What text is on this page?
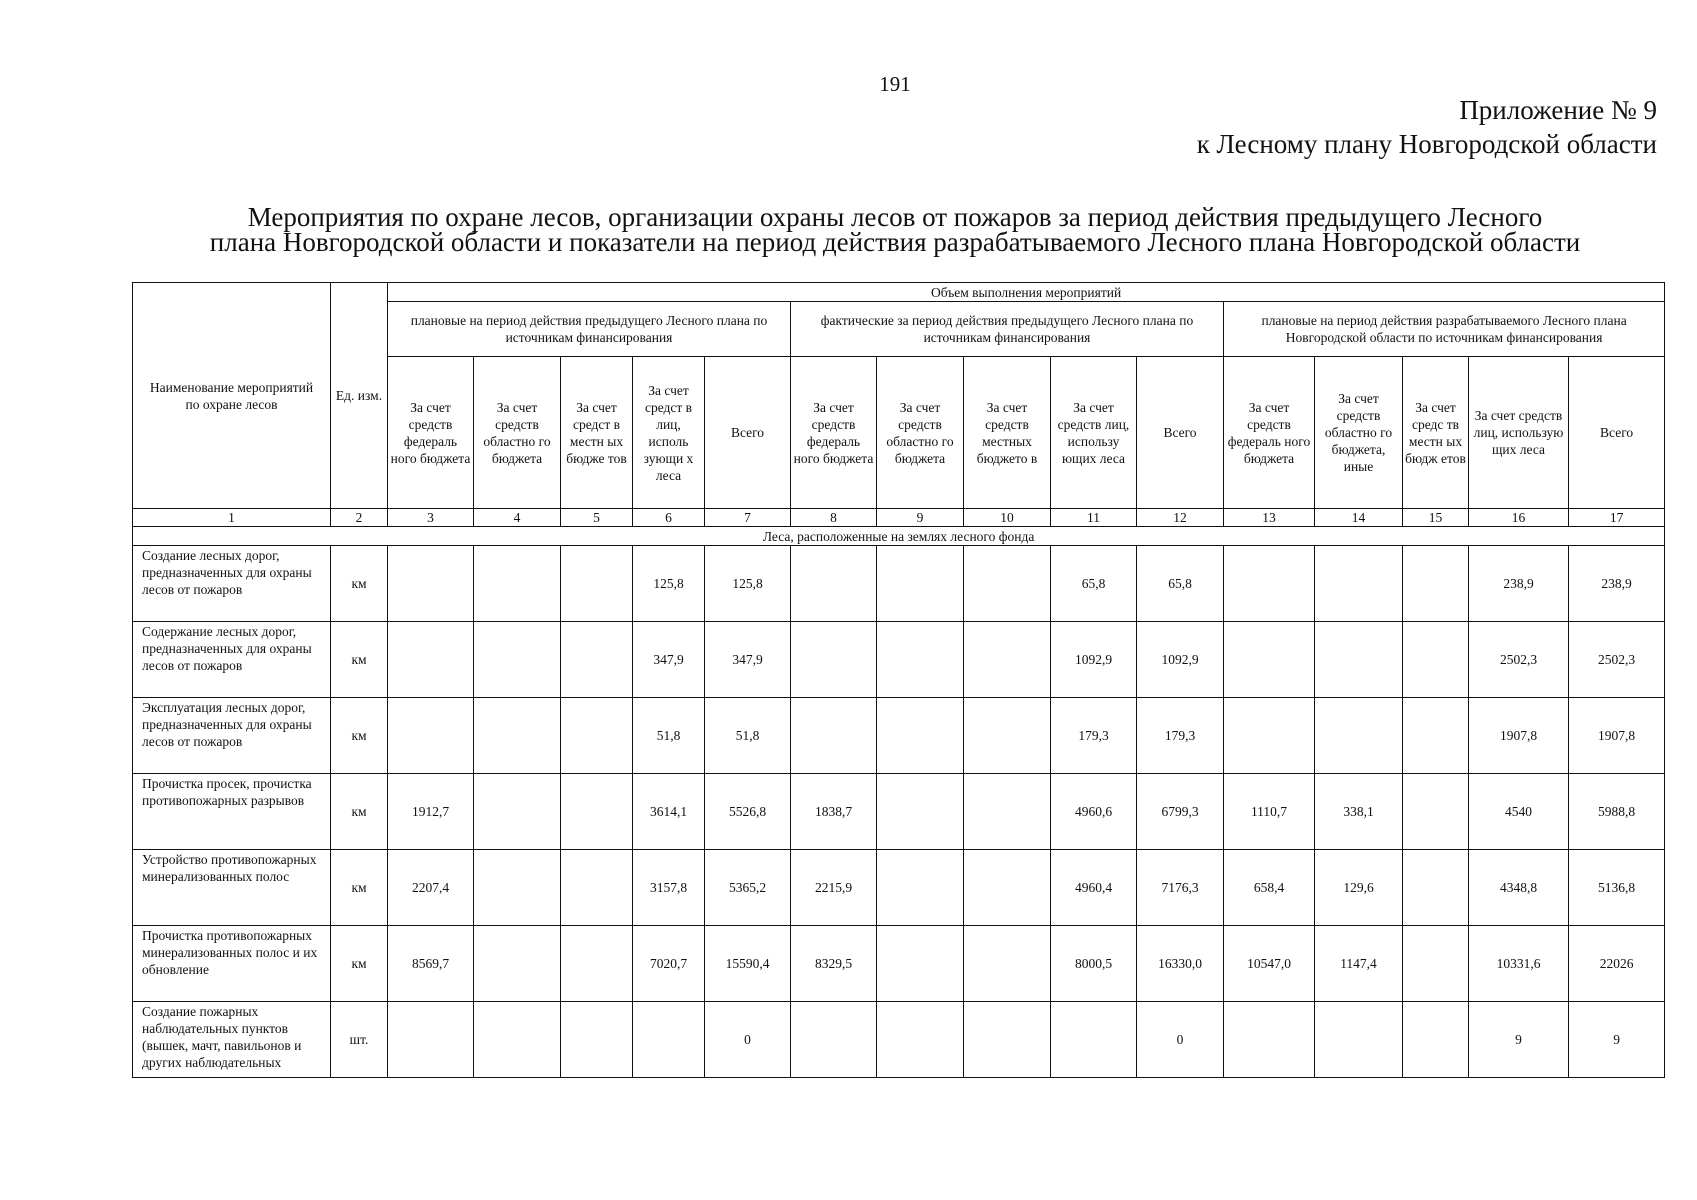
191
Приложение № 9
к Лесному плану Новгородской области
Мероприятия по охране лесов, организации охраны лесов от пожаров за период действия предыдущего Лесного
плана Новгородской области и показатели на период действия разрабатываемого Лесного плана Новгородской области
Наименование мероприятий по охране лесов	Ед. изм.	Объем выполнения мероприятий														
		плановые на период действия предыдущего Лесного плана по источникам финансирования					фактические за период действия предыдущего Лесного плана по источникам финансирования					плановые на период действия разрабатываемого Лесного плана Новгородской области по источникам финансирования				
		За счет средств федераль ного бюджета	За счет средств областно го бюджета	За счет средст в местн ых бюдже тов	За счет средст в лиц, исполь зующи х леса	Всего	За счет средств федераль ного бюджета	За счет средств областно го бюджета	За счет средств местных бюджето в	За счет средств лиц, использу ющих леса	Всего	За счет средств федераль ного бюджета	За счет средств областно го бюджета, иные	За счет средс тв местн ых бюдж етов	За счет средств лиц, использую щих леса	Всего
1	2	3	4	5	6	7	8	9	10	11	12	13	14	15	16	17
Леса, расположенные на землях лесного фонда																
Создание лесных дорог, предназначенных для охраны лесов от пожаров	км				125,8	125,8				65,8	65,8				238,9	238,9
Содержание лесных дорог, предназначенных для охраны лесов от пожаров	км				347,9	347,9				1092,9	1092,9				2502,3	2502,3
Эксплуатация лесных дорог, предназначенных для охраны лесов от пожаров	км				51,8	51,8				179,3	179,3				1907,8	1907,8
Прочистка просек, прочистка противопожарных разрывов	км	1912,7			3614,1	5526,8	1838,7			4960,6	6799,3	1110,7	338,1		4540	5988,8
Устройство противопожарных минерализованных полос	км	2207,4			3157,8	5365,2	2215,9			4960,4	7176,3	658,4	129,6		4348,8	5136,8
Прочистка противопожарных минерализованных полос и их обновление	км	8569,7			7020,7	15590,4	8329,5			8000,5	16330,0	10547,0	1147,4		10331,6	22026
Создание пожарных наблюдательных пунктов (вышек, мачт, павильонов и других наблюдательных	шт.					0					0				9	9
